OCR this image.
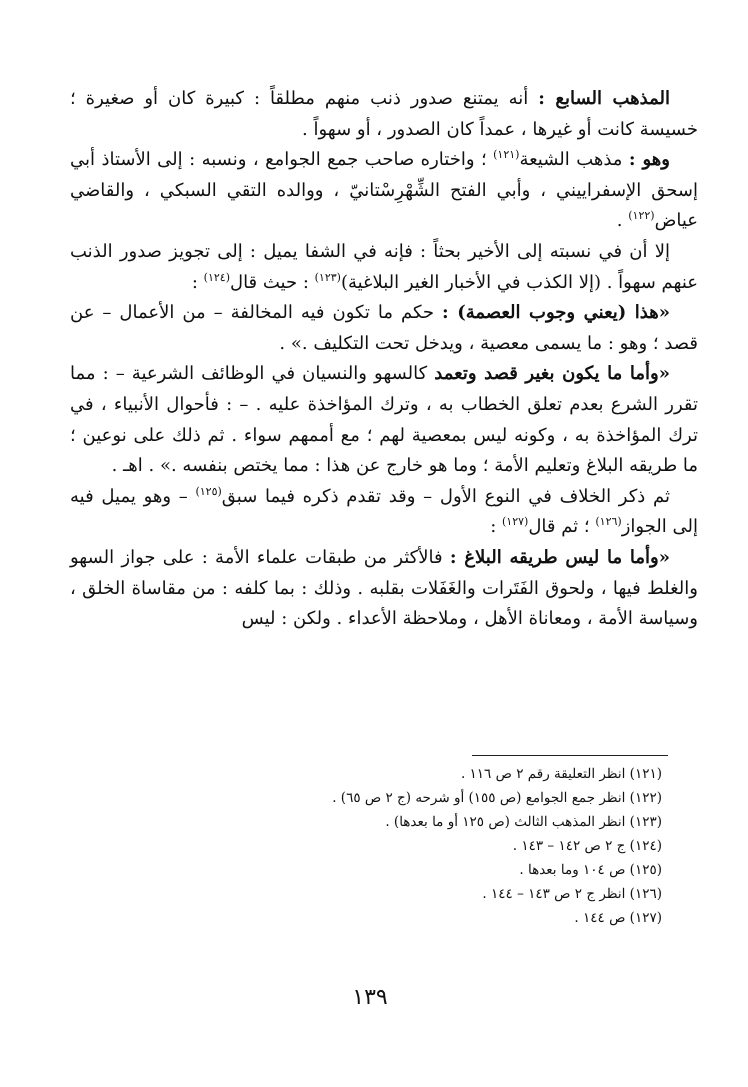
المذهب السابع : أنه يمتنع صدور ذنب منهم مطلقاً : كبيرة كان أو صغيرة ؛ خسيسة كانت أو غيرها ، عمداً كان الصدور ، أو سهواً .

وهو : مذهب الشيعة$^{(١٢١)}$ ؛ واختاره صاحب جمع الجوامع ، ونسبه : إلى الأستاذ أبي إسحق الإسفراييني ، وأبي الفتح الشِّهْرِسْتانيّ ، ووالده التقي السبكي ، والقاضي عياض$^{(١٢٢)}$ .

إلا أن في نسبته إلى الأخير بحثاً : فإنه في الشفا يميل : إلى تجويز صدور الذنب عنهم سهواً . (إلا الكذب في الأخبار الغير البلاغية)$^{(١٢٣)}$ : حيث قال$^{(١٢٤)}$ :

«هذا (يعني وجوب العصمة) : حكم ما تكون فيه المخالفة – من الأعمال – عن قصد ؛ وهو : ما يسمى معصية ، ويدخل تحت التكليف .» .

«وأما ما يكون بغير قصد وتعمد كالسهو والنسيان في الوظائف الشرعية – : مما تقرر الشرع بعدم تعلق الخطاب به ، وترك المؤاخذة عليه . – : فأحوال الأنبياء ، في ترك المؤاخذة به ، وكونه ليس بمعصية لهم ؛ مع أممهم سواء . ثم ذلك على نوعين ؛ ما طريقه البلاغ وتعليم الأمة ؛ وما هو خارج عن هذا : مما يختص بنفسه .» . اهـ .

ثم ذكر الخلاف في النوع الأول – وقد تقدم ذكره فيما سبق$^{(١٢٥)}$ – وهو يميل فيه إلى الجواز$^{(١٢٦)}$ ؛ ثم قال$^{(١٢٧)}$ :

«وأما ما ليس طريقه البلاغ : فالأكثر من طبقات علماء الأمة : على جواز السهو والغلط فيها ، ولحوق الفَتَرات والغَفَلات بقلبه . وذلك : بما كلفه : من مقاساة الخلق ، وسياسة الأمة ، ومعاناة الأهل ، وملاحظة الأعداء . ولكن : ليس

(١٢١) انظر التعليقة رقم ٢ ص ١١٦ .

(١٢٢) انظر جمع الجوامع (ص ١٥٥) أو شرحه (ج ٢ ص ٦٥) .

(١٢٣) انظر المذهب الثالث (ص ١٢٥ أو ما بعدها) .

(١٢٤) ج ٢ ص ١٤٢ – ١٤٣ .

(١٢٥) ص ١٠٤ وما بعدها .

(١٢٦) انظر ج ٢ ص ١٤٣ – ١٤٤ .

(١٢٧) ص ١٤٤ .

١٣٩
